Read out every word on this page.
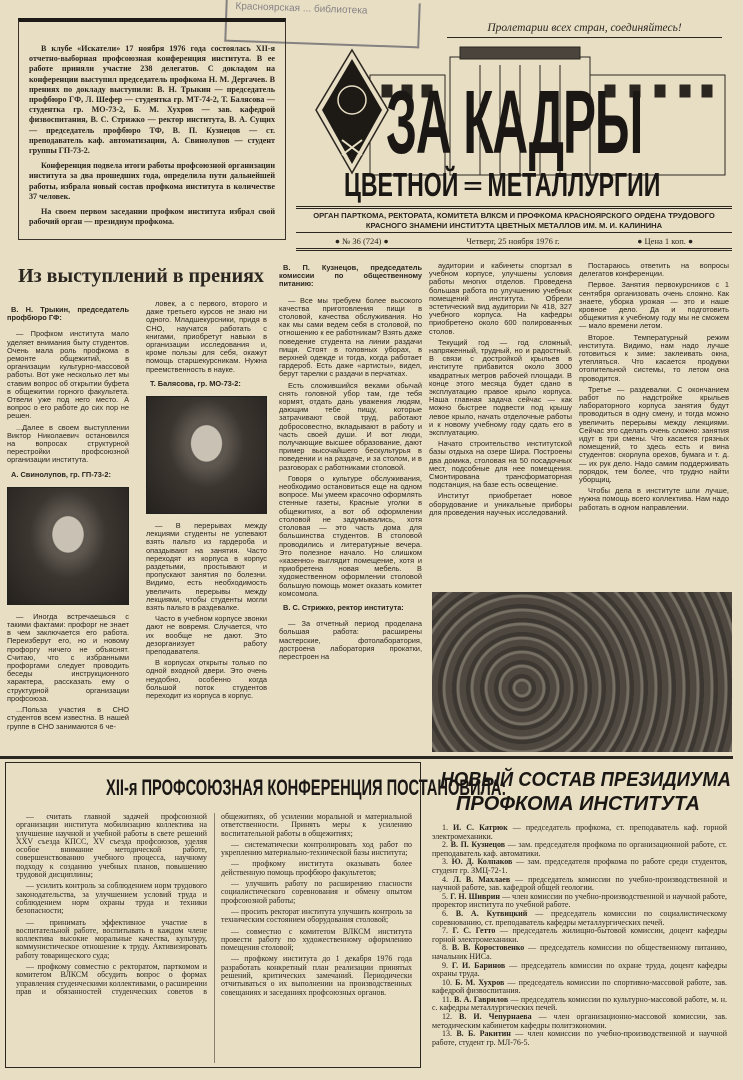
Красноярская ... библиотека

В клубе «Искатели» 17 ноября 1976 года состоялась XII-я отчетно-выборная профсоюзная конференция института. В ее работе приняли участие 238 делегатов. С докладом на конференции выступил председатель профкома Н. М. Дергачев. В прениях по докладу выступили: В. Н. Трыкин — председатель профбюро ГФ, Л. Шефер — студентка гр. МТ-74-2, Т. Балясова — студентка гр. МО-73-2, Б. М. Хухров — зав. кафедрой физвоспитания, В. С. Стрижко — ректор института, В. А. Сущих — председатель профбюро ТФ, В. П. Кузнецов — ст. преподаватель каф. автоматизации, А. Свинолупов — студент группы ГП-73-2.

Конференция подвела итоги работы профсоюзной организации института за два прошедших года, определила пути дальнейшей работы, избрала новый состав профкома института в количестве 37 человек.

На своем первом заседании профком института избрал свой рабочий орган — президиум профкома.

Пролетарии всех стран, соединяйтесь!
ЗА КАДРЫ
ЦВЕТНОЙ ═ МЕТАЛЛУРГИИ
ОРГАН ПАРТКОМА, РЕКТОРАТА, КОМИТЕТА ВЛКСМ И ПРОФКОМА КРАСНОЯРСКОГО ОРДЕНА ТРУДОВОГО КРАСНОГО ЗНАМЕНИ ИНСТИТУТА ЦВЕТНЫХ МЕТАЛЛОВ ИМ. М. И. КАЛИНИНА
● № 36 (724) ●	Четверг, 25 ноября 1976 г.	● Цена 1 коп. ●
Из выступлений в прениях

В. Н. Трыкин, председатель профбюро ГФ:

— Профком института мало уделяет внимания быту студентов. Очень мала роль профкома в ремонте общежитий, в организации культурно-массовой работы. Вот уже несколько лет мы ставим вопрос об открытии буфета в общежитии горного факультета. Отвели уже под него место. А вопрос о его работе до сих пор не решен.

...Далее в своем выступлении Виктор Николаевич остановился на вопросах структурной перестройки профсоюзной организации института.

А. Свинолупов, гр. ГП-73-2:

— Иногда встречаешься с такими фактами: профорг не знает в чем заключается его работа. Переизберут его, но и новому профоргу ничего не объяснят. Считаю, что с избранными профоргами следует проводить беседы инструкционного характера, рассказать ему о структурной организации профсоюза.

...Польза участия в СНО студентов всем известна. В нашей группе в СНО занимаются 6 че-

ловек, а с первого, второго и даже третьего курсов не знаю ни одного. Младшекурсники, придя в СНО, научатся работать с книгами, приобретут навыки в организации исследования и, кроме пользы для себя, окажут помощь старшекурсникам. Нужна преемственность в науке.

Т. Балясова, гр. МО-73-2:

— В перерывах между лекциями студенты не успевают взять пальто из гардероба и опаздывают на занятия. Часто переходят из корпуса в корпус раздетыми, простывают и пропускают занятия по болезни. Видимо, есть необходимость увеличить перерывы между лекциями, чтобы студенты могли взять пальто в раздевалке.

Часто в учебном корпусе звонки дают не вовремя. Случается, что их вообще не дают. Это дезорганизует работу преподавателя.

В корпусах открыты только по одной входной двери. Это очень неудобно, особенно когда большой поток студентов переходит из корпуса в корпус.

В. П. Кузнецов, председатель комиссии по общественному питанию:

— Все мы требуем более высокого качества приготовления пищи в столовой, качества обслуживания. Но как мы сами ведем себя в столовой, по отношению к ее работникам? Взять даже поведение студента на линии раздачи пищи. Стоят в головных уборах, в верхней одежде и тогда, когда работает гардероб. Есть даже «артисты», видел, берут тарелки с раздачи в перчатках.

Есть сложившийся веками обычай снять головной убор там, где тебя кормят, отдать дань уважения людям, дающим тебе пищу, которые затрачивают свой труд, работают добросовестно, вкладывают в работу и часть своей души. И вот люди, получающие высшее образование, дают пример высочайшего бескультурья в поведении и на раздаче, и за столом, и в разговорах с работниками столовой.

Говоря о культуре обслуживания, необходимо остановиться еще на одном вопросе. Мы умеем красочно оформлять стенные газеты, Красные уголки в общежитиях, а вот об оформлении столовой не задумывались, хотя столовая — это часть дома для большинства студентов. В столовой проводились и литературные вечера. Это полезное начало. Но слишком «казенно» выглядит помещение, хотя и приобретена новая мебель. В художественном оформлении столовой большую помощь может оказать комитет комсомола.

В. С. Стрижко, ректор института:

— За отчетный период проделана большая работа: расширены мастерские, фотолаборатория, достроена лаборатория прокатки, перестроен на

аудитории и кабинеты спортзал в учебном корпусе, улучшены условия работы многих отделов. Проведена большая работа по улучшению учебных помещений института. Обрели эстетический вид аудитории № 418, 327 учебного корпуса. На кафедры приобретено около 600 полированных столов.

Текущий год — год сложный, напряженный, трудный, но и радостный. В связи с достройкой крыльев в институте прибавится около 3000 квадратных метров рабочей площади. В конце этого месяца будет сдано в эксплуатацию правое крыло корпуса. Наша главная задача сейчас — как можно быстрее подвести под крышу левое крыло, начать отделочные работы и к новому учебному году сдать его в эксплуатацию.

Начато строительство институтской базы отдыха на озере Шира. Построены два домика, столовая на 50 посадочных мест, подсобные для нее помещения. Смонтирована трансформаторная подстанция, на базе есть освещение.

Институт приобретает новое оборудование и уникальные приборы для проведения научных исследований.

Постараюсь ответить на вопросы делегатов конференции.

Первое. Занятия первокурсников с 1 сентября организовать очень сложно. Как знаете, уборка урожая — это и наше кровное дело. Да и подготовить общежития к учебному году мы не сможем — мало времени летом.

Второе. Температурный режим института. Видимо, нам надо лучше готовиться к зиме: заклеивать окна, утепляться. Что касается продувки отопительной системы, то летом она проводится.

Третье — раздевалки. С окончанием работ по надстройке крыльев лабораторного корпуса занятия будут проводиться в одну смену, и тогда можно увеличить перерывы между лекциями. Сейчас это сделать очень сложно: занятия идут в три смены. Что касается грязных помещений, то здесь есть и вина студентов: скорлупа орехов, бумага и т. д. — их рук дело. Надо самим поддерживать порядок, тем более, что трудно найти уборщиц.

Чтобы дела в институте шли лучше, нужна помощь всего коллектива. Нам надо работать в одном направлении.

XII-я ПРОФСОЮЗНАЯ КОНФЕРЕНЦИЯ ПОСТАНОВИЛА:

— считать главной задачей профсоюзной организации института мобилизацию коллектива на улучшение научной и учебной работы в свете решений XXV съезда КПСС, XV съезда профсоюзов, уделяя особое внимание методической работе, совершенствованию учебного процесса, научному подходу к созданию учебных планов, повышению трудовой дисциплины;

— усилить контроль за соблюдением норм трудового законодательства, за улучшением условий труда и соблюдением норм охраны труда и техники безопасности;

— принимать эффективное участие в воспитательной работе, воспитывать в каждом члене коллектива высокие моральные качества, культуру, коммунистическое отношение к труду. Активизировать работу товарищеского суда;

— профкому совместно с ректоратом, парткомом и комитетом ВЛКСМ обсудить вопрос о формах управления студенческими коллективами, о расширении прав и обязанностей студенческих советов в общежитиях, об усилении моральной и материальной ответственности. Принять меры к усилению воспитательной работы в общежитиях;

— систематически контролировать ход работ по укреплению материально-технической базы института;

— профкому института оказывать более действенную помощь профбюро факультетов;

— улучшить работу по расширению гласности социалистического соревнования и обмену опытом профсоюзной работы;

— просить ректорат института улучшить контроль за техническим состоянием оборудования столовой;

— совместно с комитетом ВЛКСМ института провести работу по художественному оформлению помещения столовой;

— профкому института до 1 декабря 1976 года разработать конкретный план реализации принятых решений, критических замечаний. Периодически отчитываться о их выполнении на производственных совещаниях и заседаниях профсоюзных органов.

НОВЫЙ СОСТАВ ПРЕЗИДИУМА
ПРОФКОМА ИНСТИТУТА
1. И. С. Катрюк — председатель профкома, ст. преподаватель каф. горной электромеханики.
2. В. П. Кузнецов — зам. председателя профкома по организационной работе, ст. преподаватель каф. автоматики.
3. Ю. Д. Колпаков — зам. председателя профкома по работе среди студентов, студент гр. ЗМЦ-72-1.
4. Л. В. Махлаев — председатель комиссии по учебно-производственной и научной работе, зав. кафедрой общей геологии.
5. Г. Н. Шиврин — член комиссии по учебно-производственной и научной работе, проректор института по учебной работе.
6. В. А. Кутвицкий — председатель комиссии по социалистическому соревнованию, ст. преподаватель кафедры металлургических печей.
7. Г. С. Гетто — председатель жилищно-бытовой комиссии, доцент кафедры горной электромеханики.
8. В. В. Коростовенко — председатель комиссии по общественному питанию, начальник НИСа.
9. Г. И. Баринов — председатель комиссии по охране труда, доцент кафедры охраны труда.
10. Б. М. Хухров — председатель комиссии по спортивно-массовой работе, зав. кафедрой физвоспитания.
11. В. А. Гаврилов — председатель комиссии по культурно-массовой работе, м. н. с. кафедры металлургических печей.
12. В. И. Чепурнаева — член организационно-массовой комиссии, зав. методическим кабинетом кафедры политэкономии.
13. В. Б. Ракитин — член комиссии по учебно-производственной и научной работе, студент гр. МЛ-76-5.
